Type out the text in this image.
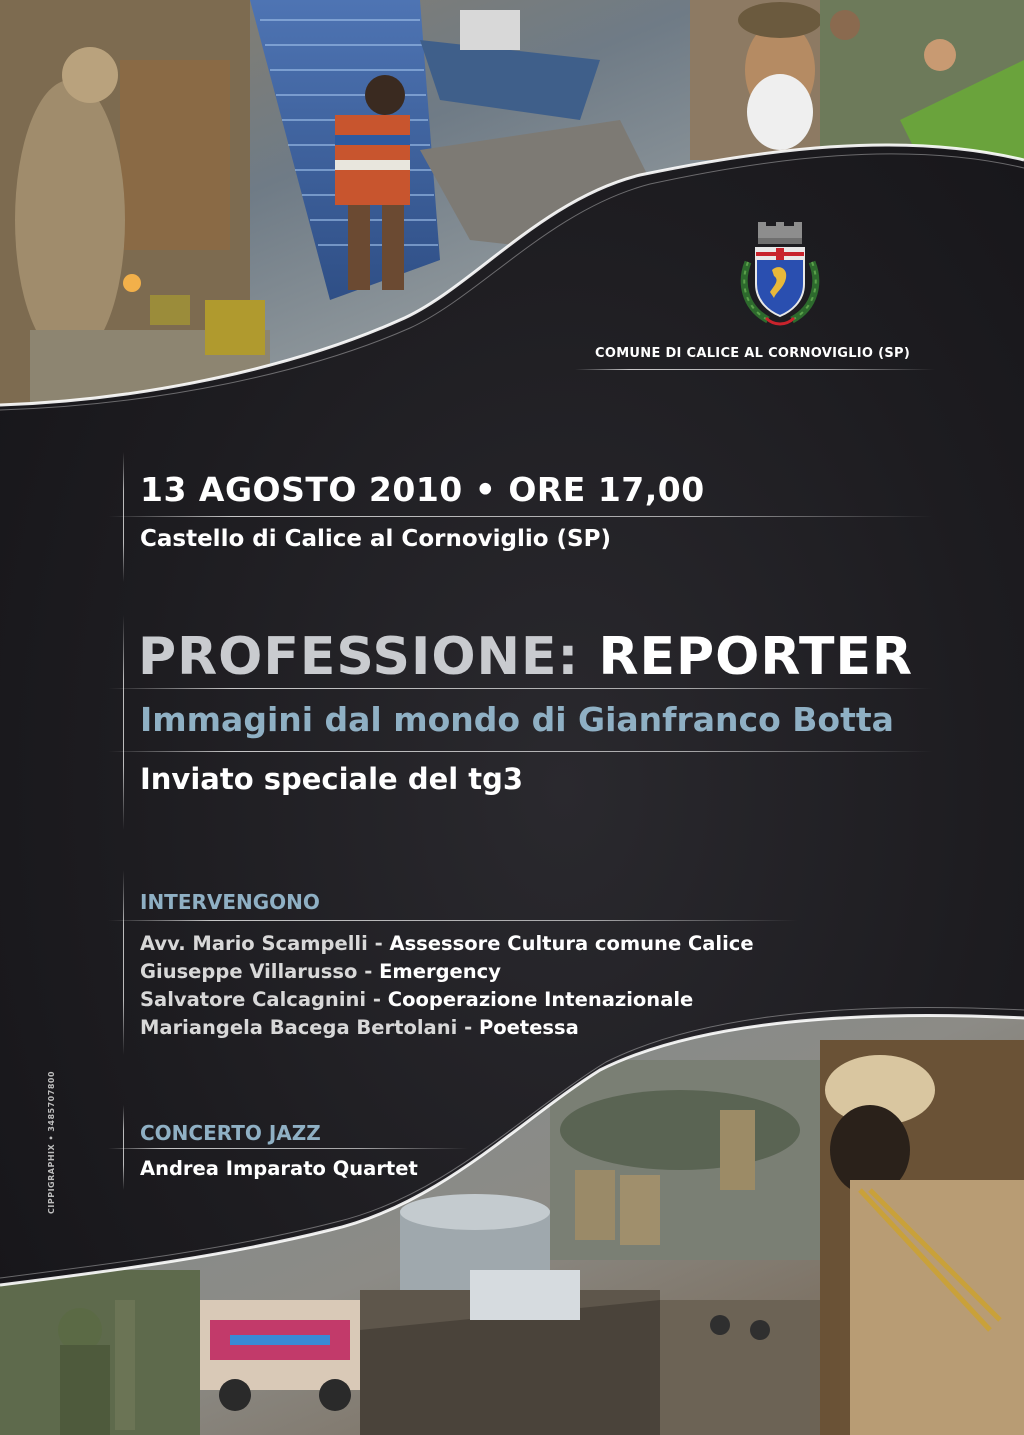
COMUNE DI CALICE AL CORNOVIGLIO (SP)
13 AGOSTO 2010 • ORE 17,00
Castello di Calice al Cornoviglio (SP)
PROFESSIONE: REPORTER
Immagini dal mondo di Gianfranco Botta
Inviato speciale del tg3
INTERVENGONO
Avv. Mario Scampelli - Assessore Cultura comune Calice
Giuseppe Villarusso - Emergency
Salvatore Calcagnini - Cooperazione Intenazionale
Mariangela Bacega Bertolani - Poetessa
CONCERTO JAZZ
Andrea Imparato Quartet
CIPPIGRAPHIX • 3485707800
